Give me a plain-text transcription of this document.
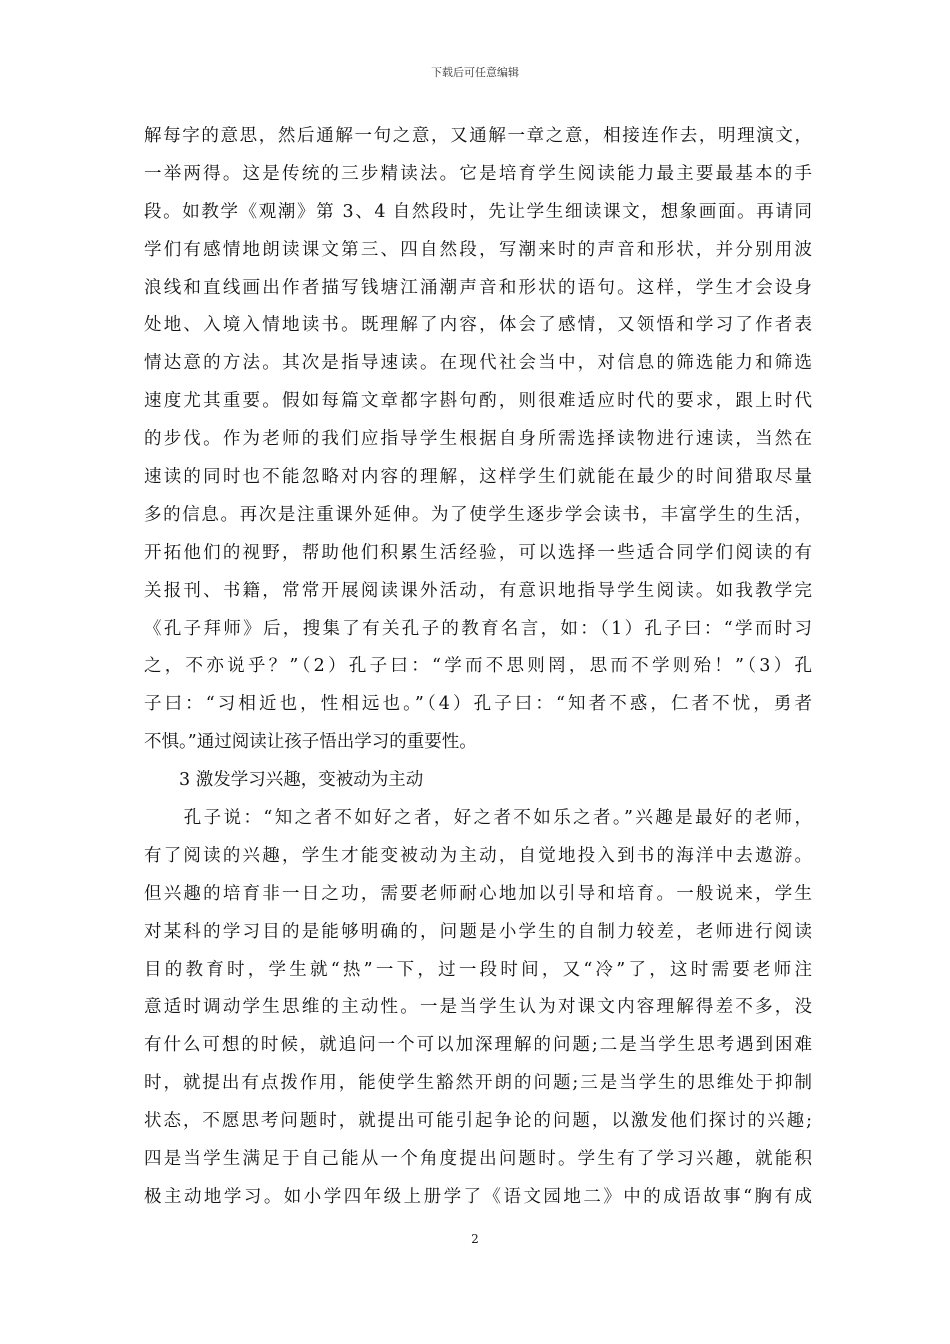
下载后可任意编辑
解每字的意思，然后通解一句之意，又通解一章之意，相接连作去，明理演文，
一举两得。这是传统的三步精读法。它是培育学生阅读能力最主要最基本的手
段。如教学《观潮》第 3、4 自然段时，先让学生细读课文，想象画面。再请同
学们有感情地朗读课文第三、四自然段，写潮来时的声音和形状，并分别用波
浪线和直线画出作者描写钱塘江涌潮声音和形状的语句。这样，学生才会设身
处地、入境入情地读书。既理解了内容，体会了感情，又领悟和学习了作者表
情达意的方法。其次是指导速读。在现代社会当中，对信息的筛选能力和筛选
速度尤其重要。假如每篇文章都字斟句酌，则很难适应时代的要求，跟上时代
的步伐。作为老师的我们应指导学生根据自身所需选择读物进行速读，当然在
速读的同时也不能忽略对内容的理解，这样学生们就能在最少的时间猎取尽量
多的信息。再次是注重课外延伸。为了使学生逐步学会读书，丰富学生的生活，
开拓他们的视野，帮助他们积累生活经验，可以选择一些适合同学们阅读的有
关报刊、书籍，常常开展阅读课外活动，有意识地指导学生阅读。如我教学完
《孔子拜师》后，搜集了有关孔子的教育名言，如：（1）孔子曰：“学而时习
之，不亦说乎？”（2）孔子曰：“学而不思则罔，思而不学则殆！”（3）孔
子曰：“习相近也，性相远也。”（4）孔子曰：“知者不惑，仁者不忧，勇者
不惧。”通过阅读让孩子悟出学习的重要性。
　　3 激发学习兴趣，变被动为主动
　　孔子说：“知之者不如好之者，好之者不如乐之者。”兴趣是最好的老师，
有了阅读的兴趣，学生才能变被动为主动，自觉地投入到书的海洋中去遨游。
但兴趣的培育非一日之功，需要老师耐心地加以引导和培育。一般说来，学生
对某科的学习目的是能够明确的，问题是小学生的自制力较差，老师进行阅读
目的教育时，学生就“热”一下，过一段时间，又“冷”了，这时需要老师注
意适时调动学生思维的主动性。一是当学生认为对课文内容理解得差不多，没
有什么可想的时候，就追问一个可以加深理解的问题;二是当学生思考遇到困难
时，就提出有点拨作用，能使学生豁然开朗的问题;三是当学生的思维处于抑制
状态，不愿思考问题时，就提出可能引起争论的问题，以激发他们探讨的兴趣;
四是当学生满足于自己能从一个角度提出问题时。学生有了学习兴趣，就能积
极主动地学习。如小学四年级上册学了《语文园地二》中的成语故事“胸有成
2
